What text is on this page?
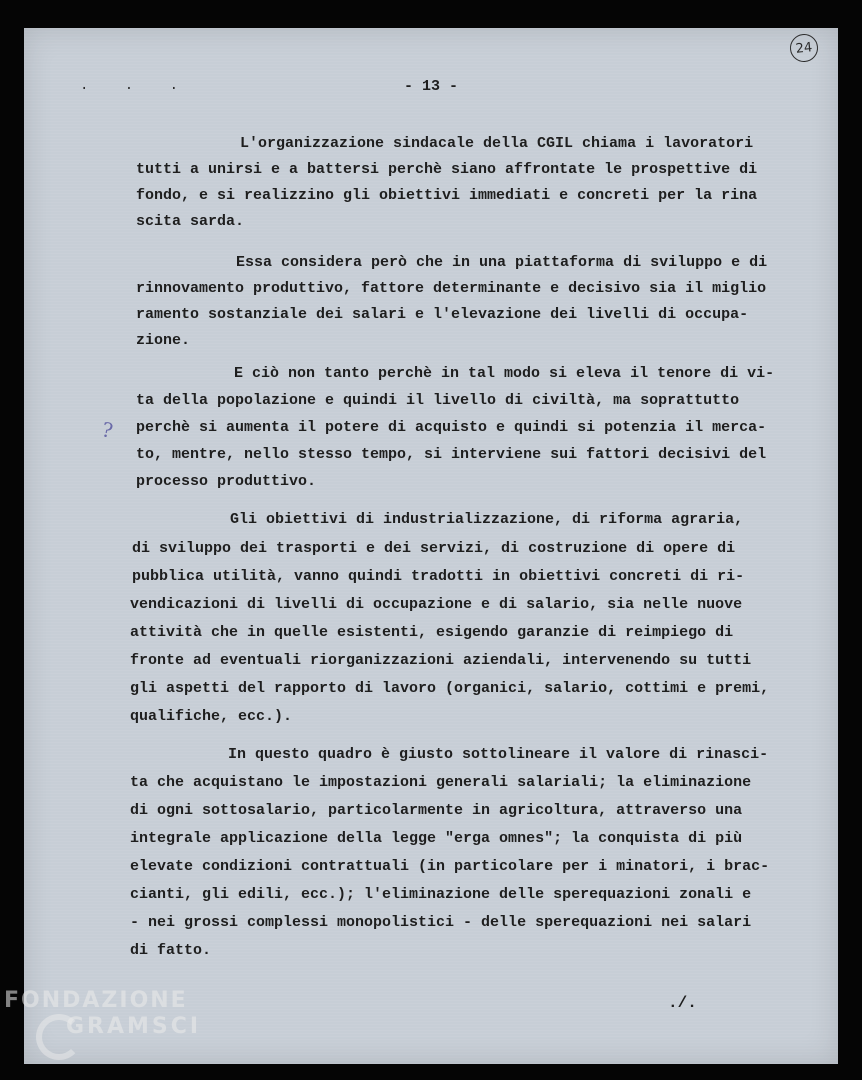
. . .
24
- 13 -
L'organizzazione sindacale della CGIL chiama i lavoratori
tutti a unirsi e a battersi perchè siano affrontate le prospettive di
fondo, e si realizzino gli obiettivi immediati e concreti per la rina
scita sarda.
Essa considera però che in una piattaforma di sviluppo e di
rinnovamento produttivo, fattore determinante e decisivo sia il miglio
ramento sostanziale dei salari e l'elevazione dei livelli di occupa-
zione.
E ciò non tanto perchè in tal modo si eleva il tenore di vi-
ta della popolazione e quindi il livello di civiltà, ma soprattutto
perchè si aumenta il potere di acquisto e quindi si potenzia il merca-
to, mentre, nello stesso tempo, si interviene sui fattori decisivi del
processo produttivo.
Gli obiettivi di industrializzazione, di riforma agraria,
di sviluppo dei trasporti e dei servizi, di costruzione di opere di
pubblica utilità, vanno quindi tradotti in obiettivi concreti di ri-
vendicazioni di livelli di occupazione e di salario, sia nelle nuove
attività che in quelle esistenti, esigendo garanzie di reimpiego di
fronte ad eventuali riorganizzazioni aziendali, intervenendo su tutti
gli aspetti del rapporto di lavoro (organici, salario, cottimi e premi,
qualifiche, ecc.).
In questo quadro è giusto sottolineare il valore di rinasci-
ta che acquistano le impostazioni generali salariali; la eliminazione
di ogni sottosalario, particolarmente in agricoltura, attraverso una
integrale applicazione della legge "erga omnes"; la conquista di più
elevate condizioni contrattuali (in particolare per i minatori, i brac-
cianti, gli edili, ecc.); l'eliminazione delle sperequazioni zonali e
- nei grossi complessi monopolistici - delle sperequazioni nei salari
di fatto.
?
./.
FONDAZIONE
GRAMSCI
